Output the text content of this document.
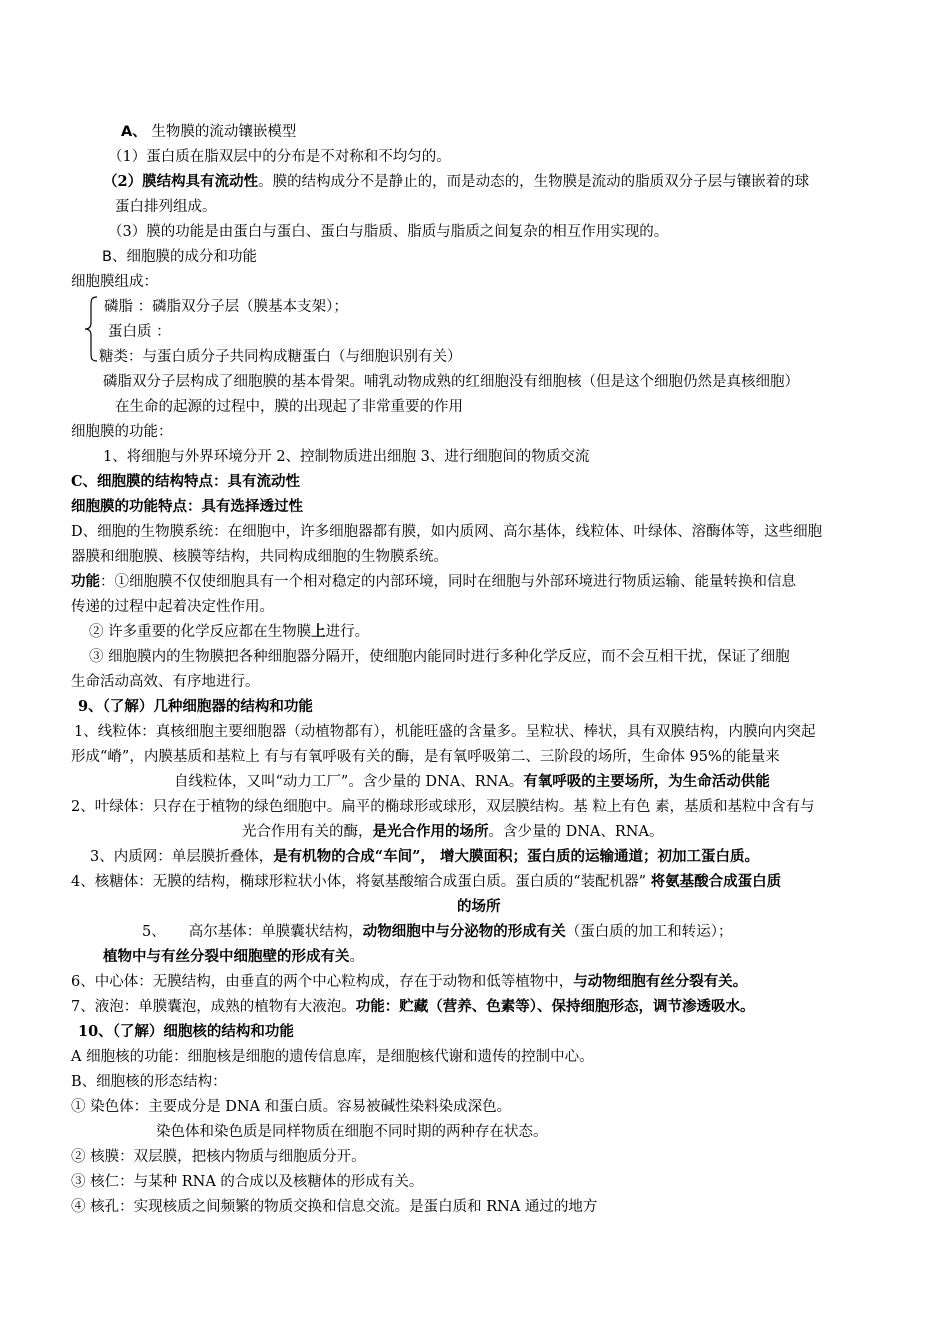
A、 生物膜的流动镶嵌模型
（1）蛋白质在脂双层中的分布是不对称和不均匀的。
（2）膜结构具有流动性。膜的结构成分不是静止的，而是动态的，生物膜是流动的脂质双分子层与镶嵌着的球
蛋白排列组成。
（3）膜的功能是由蛋白与蛋白、蛋白与脂质、脂质与脂质之间复杂的相互作用实现的。
B、细胞膜的成分和功能
细胞膜组成：
磷脂 ：磷脂双分子层（膜基本支架）；
蛋白质 ：
糖类：与蛋白质分子共同构成糖蛋白（与细胞识别有关）
磷脂双分子层构成了细胞膜的基本骨架。哺乳动物成熟的红细胞没有细胞核（但是这个细胞仍然是真核细胞）
在生命的起源的过程中，膜的出现起了非常重要的作用
细胞膜的功能：
1、将细胞与外界环境分开 2、控制物质进出细胞 3、进行细胞间的物质交流
C、细胞膜的结构特点：具有流动性
细胞膜的功能特点：具有选择透过性
D、细胞的生物膜系统：在细胞中，许多细胞器都有膜，如内质网、高尔基体，线粒体、叶绿体、溶酶体等，这些细胞
器膜和细胞膜、核膜等结构，共同构成细胞的生物膜系统。
功能：①细胞膜不仅使细胞具有一个相对稳定的内部环境，同时在细胞与外部环境进行物质运输、能量转换和信息
传递的过程中起着决定性作用。
② 许多重要的化学反应都在生物膜上进行。
③ 细胞膜内的生物膜把各种细胞器分隔开，使细胞内能同时进行多种化学反应，而不会互相干扰，保证了细胞
生命活动高效、有序地进行。
9、（了解）几种细胞器的结构和功能
1、线粒体：真核细胞主要细胞器（动植物都有），机能旺盛的含量多。呈粒状、棒状，具有双膜结构，内膜向内突起
形成“嵴”，内膜基质和基粒上 有与有氧呼吸有关的酶，是有氧呼吸第二、三阶段的场所，生命体 95%的能量来
自线粒体，又叫“动力工厂”。含少量的 DNA、RNA。有氧呼吸的主要场所，为生命活动供能
2、叶绿体：只存在于植物的绿色细胞中。扁平的椭球形或球形，双层膜结构。基 粒上有色 素，基质和基粒中含有与
光合作用有关的酶，是光合作用的场所。含少量的 DNA、RNA。
3、内质网：单层膜折叠体，是有机物的合成“车间”， 增大膜面积；蛋白质的运输通道；初加工蛋白质。
4、核糖体：无膜的结构，椭球形粒状小体，将氨基酸缩合成蛋白质。蛋白质的“装配机器” 将氨基酸合成蛋白质
的场所
5、 高尔基体：单膜囊状结构，动物细胞中与分泌物的形成有关（蛋白质的加工和转运）；
植物中与有丝分裂中细胞壁的形成有关。
6、中心体：无膜结构，由垂直的两个中心粒构成，存在于动物和低等植物中，与动物细胞有丝分裂有关。
7、液泡：单膜囊泡，成熟的植物有大液泡。功能：贮藏（营养、色素等）、保持细胞形态，调节渗透吸水。
10、（了解）细胞核的结构和功能
A 细胞核的功能：细胞核是细胞的遗传信息库，是细胞核代谢和遗传的控制中心。
B、细胞核的形态结构：
① 染色体：主要成分是 DNA 和蛋白质。容易被碱性染料染成深色。
染色体和染色质是同样物质在细胞不同时期的两种存在状态。
② 核膜：双层膜，把核内物质与细胞质分开。
③ 核仁：与某种 RNA 的合成以及核糖体的形成有关。
④ 核孔：实现核质之间频繁的物质交换和信息交流。是蛋白质和 RNA 通过的地方
